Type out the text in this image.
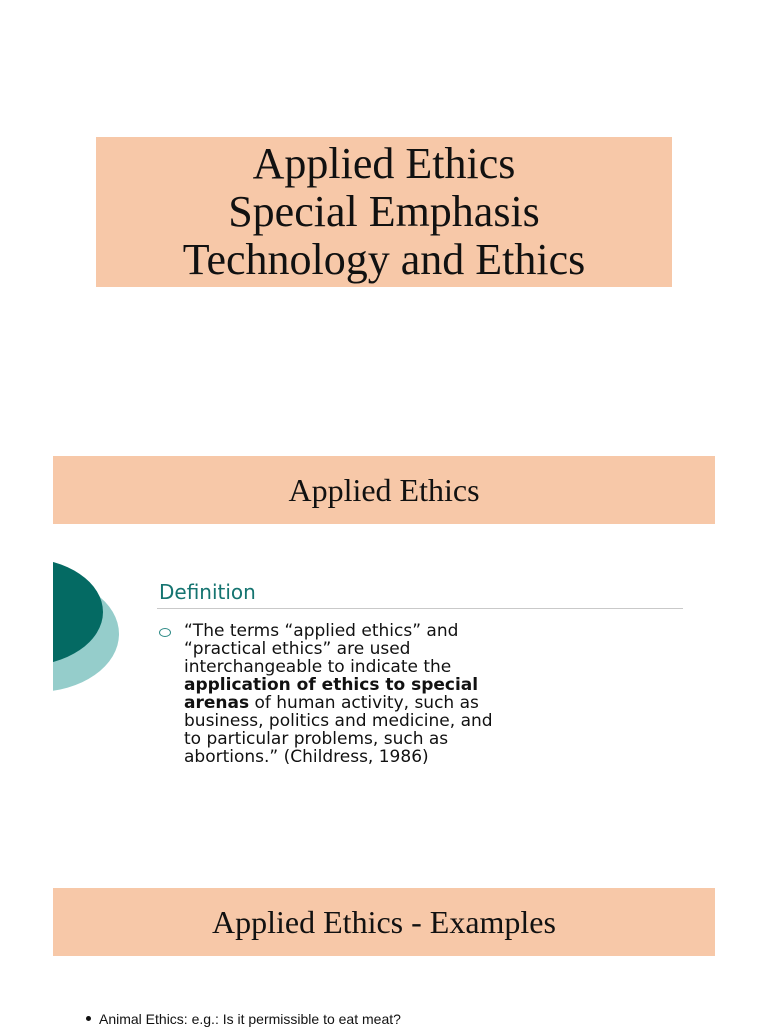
Applied Ethics
Special Emphasis
Technology and Ethics
Applied Ethics
Definition
“The terms “applied ethics” and
“practical ethics” are used
interchangeable to indicate the
application of ethics to special
arenas of human activity, such as
business, politics and medicine, and
to particular problems, such as
abortions.” (Childress, 1986)
Applied Ethics - Examples
Animal Ethics: e.g.: Is it permissible to eat meat?
